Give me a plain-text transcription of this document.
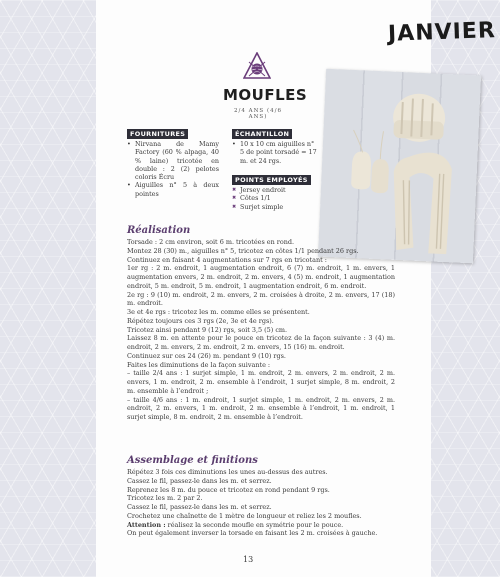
JANVIER
MOUFLES
2/4 ANS (4/6 ANS)
FOURNITURES
• Nirvana de Mamy Factory (60 % alpaga, 40 % laine) tricotée en double : 2 (2) pelotes coloris Écru
• Aiguilles n° 5 à deux pointes
ÉCHANTILLON
• 10 x 10 cm aiguilles n° 5 de point torsadé = 17 m. et 24 rgs.
POINTS EMPLOYÉS
✖ Jersey endroit
✖ Côtes 1/1
✖ Surjet simple
Réalisation

Torsade : 2 cm environ, soit 6 m. tricotées en rond.

Montez 28 (30) m., aiguilles n° 5, tricotez en côtes 1/1 pendant 26 rgs.

Continuez en faisant 4 augmentations sur 7 rgs en tricotant :

1er rg : 2 m. endroit, 1 augmentation endroit, 6 (7) m. endroit, 1 m. envers, 1 augmentation envers, 2 m. endroit, 2 m. envers, 4 (5) m. endroit, 1 augmentation endroit, 5 m. endroit, 5 m. endroit, 1 augmentation endroit, 6 m. endroit.

2e rg : 9 (10) m. endroit, 2 m. envers, 2 m. croisées à droite, 2 m. envers, 17 (18) m. endroit.

3e et 4e rgs : tricotez les m. comme elles se présentent.

Répétez toujours ces 3 rgs (2e, 3e et 4e rgs).

Tricotez ainsi pendant 9 (12) rgs, soit 3,5 (5) cm.

Laissez 8 m. en attente pour le pouce en tricotez de la façon suivante : 3 (4) m. endroit, 2 m. envers, 2 m. endroit, 2 m. envers, 15 (16) m. endroit.

Continuez sur ces 24 (26) m. pendant 9 (10) rgs.

Faites les diminutions de la façon suivante :

– taille 2/4 ans : 1 surjet simple, 1 m. endroit, 2 m. envers, 2 m. endroit, 2 m. envers, 1 m. endroit, 2 m. ensemble à l’endroit, 1 surjet simple, 8 m. endroit, 2 m. ensemble à l’endroit ;

– taille 4/6 ans : 1 m. endroit, 1 surjet simple, 1 m. endroit, 2 m. envers, 2 m. endroit, 2 m. envers, 1 m. endroit, 2 m. ensemble à l’endroit, 1 m. endroit, 1 surjet simple, 8 m. endroit, 2 m. ensemble à l’endroit.

Assemblage et finitions

Répétez 3 fois ces diminutions les unes au-dessus des autres.

Cassez le fil, passez-le dans les m. et serrez.

Reprenez les 8 m. du pouce et tricotez en rond pendant 9 rgs.

Tricotez les m. 2 par 2.

Cassez le fil, passez-le dans les m. et serrez.

Crochetez une chaînette de 1 mètre de longueur et reliez les 2 moufles.

Attention : réalisez la seconde moufle en symétrie pour le pouce.

On peut également inverser la torsade en faisant les 2 m. croisées à gauche.

13
